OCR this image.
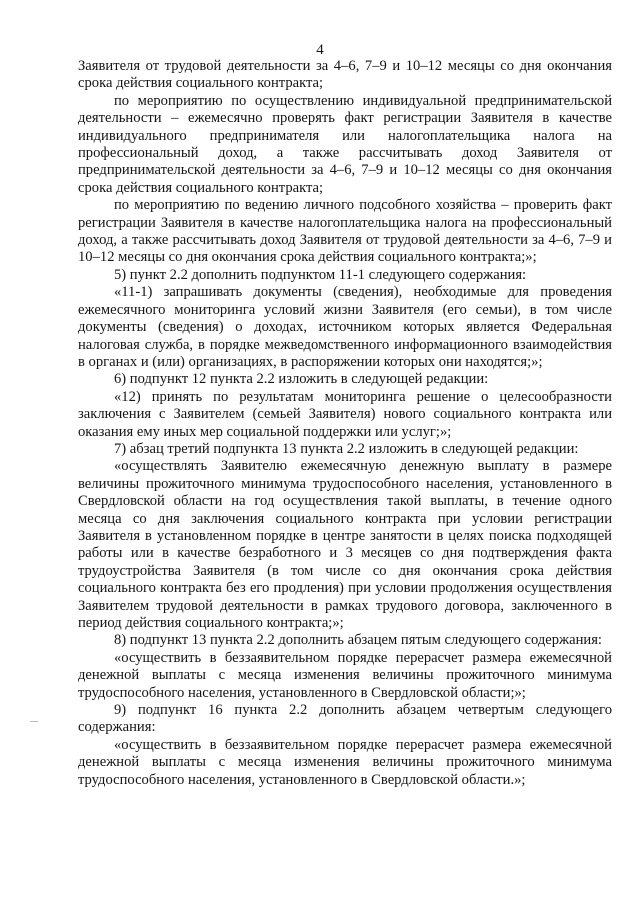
4

Заявителя от трудовой деятельности за 4–6, 7–9 и 10–12 месяцы со дня окончания срока действия социального контракта;

по мероприятию по осуществлению индивидуальной предпринимательской деятельности – ежемесячно проверять факт регистрации Заявителя в качестве индивидуального предпринимателя или налогоплательщика налога на профессиональный доход, а также рассчитывать доход Заявителя от предпринимательской деятельности за 4–6, 7–9 и 10–12 месяцы со дня окончания срока действия социального контракта;

по мероприятию по ведению личного подсобного хозяйства – проверить факт регистрации Заявителя в качестве налогоплательщика налога на профессиональный доход, а также рассчитывать доход Заявителя от трудовой деятельности за 4–6, 7–9 и 10–12 месяцы со дня окончания срока действия социального контракта;»;

5) пункт 2.2 дополнить подпунктом 11-1 следующего содержания:

«11-1) запрашивать документы (сведения), необходимые для проведения ежемесячного мониторинга условий жизни Заявителя (его семьи), в том числе документы (сведения) о доходах, источником которых является Федеральная налоговая служба, в порядке межведомственного информационного взаимодействия в органах и (или) организациях, в распоряжении которых они находятся;»;

6) подпункт 12 пункта 2.2 изложить в следующей редакции:

«12) принять по результатам мониторинга решение о целесообразности заключения с Заявителем (семьей Заявителя) нового социального контракта или оказания ему иных мер социальной поддержки или услуг;»;

7) абзац третий подпункта 13 пункта 2.2 изложить в следующей редакции:

«осуществлять Заявителю ежемесячную денежную выплату в размере величины прожиточного минимума трудоспособного населения, установленного в Свердловской области на год осуществления такой выплаты, в течение одного месяца со дня заключения социального контракта при условии регистрации Заявителя в установленном порядке в центре занятости в целях поиска подходящей работы или в качестве безработного и 3 месяцев со дня подтверждения факта трудоустройства Заявителя (в том числе со дня окончания срока действия социального контракта без его продления) при условии продолжения осуществления Заявителем трудовой деятельности в рамках трудового договора, заключенного в период действия социального контракта;»;

8) подпункт 13 пункта 2.2 дополнить абзацем пятым следующего содержания:

«осуществить в беззаявительном порядке перерасчет размера ежемесячной денежной выплаты с месяца изменения величины прожиточного минимума трудоспособного населения, установленного в Свердловской области;»;

9) подпункт 16 пункта 2.2 дополнить абзацем четвертым следующего содержания:

«осуществить в беззаявительном порядке перерасчет размера ежемесячной денежной выплаты с месяца изменения величины прожиточного минимума трудоспособного населения, установленного в Свердловской области.»;
